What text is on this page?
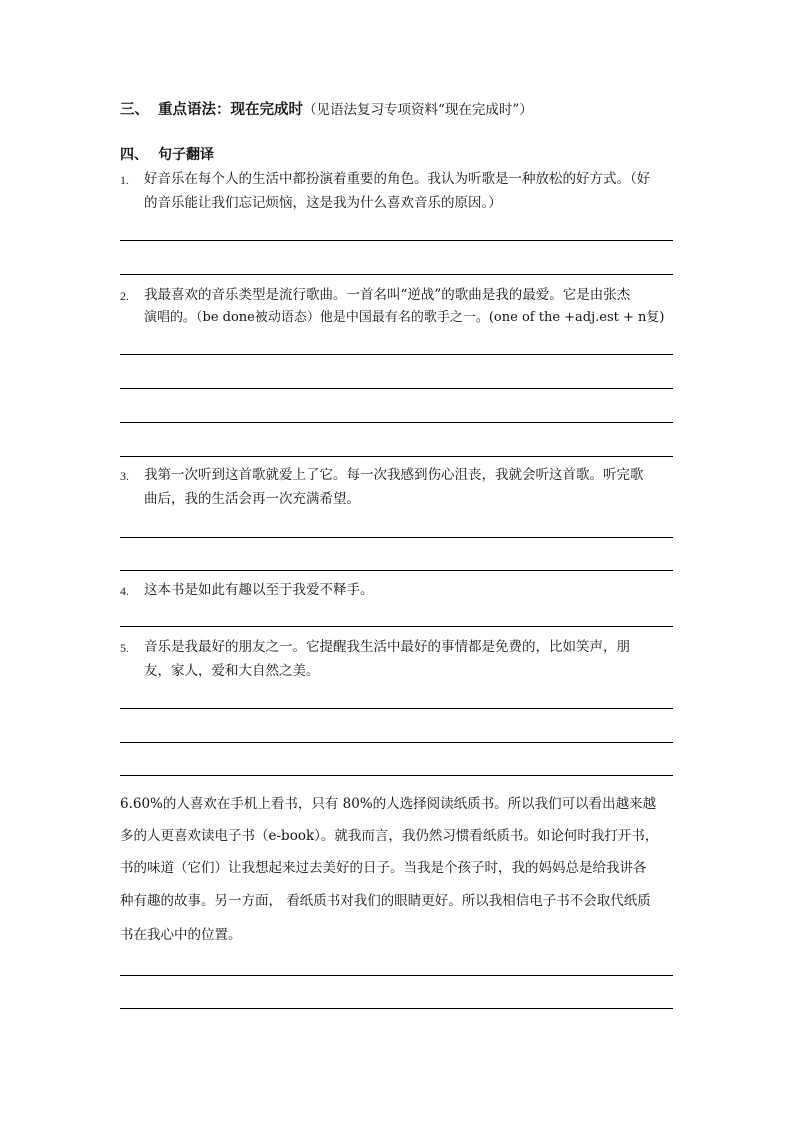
三、 重点语法：现在完成时（见语法复习专项资料“现在完成时”）
四、 句子翻译
1. 好音乐在每个人的生活中都扮演着重要的角色。我认为听歌是一种放松的好方式。（好
的音乐能让我们忘记烦恼，这是我为什么喜欢音乐的原因。）
2. 我最喜欢的音乐类型是流行歌曲。一首名叫“逆战”的歌曲是我的最爱。它是由张杰
演唱的。（be done被动语态）他是中国最有名的歌手之一。(one of the +adj.est + n复)
3. 我第一次听到这首歌就爱上了它。每一次我感到伤心沮丧，我就会听这首歌。听完歌
曲后，我的生活会再一次充满希望。
4. 这本书是如此有趣以至于我爱不释手。
5. 音乐是我最好的朋友之一。它提醒我生活中最好的事情都是免费的，比如笑声，朋
友，家人，爱和大自然之美。
6.60%的人喜欢在手机上看书，只有 80%的人选择阅读纸质书。所以我们可以看出越来越
多的人更喜欢读电子书（e-book）。就我而言，我仍然习惯看纸质书。如论何时我打开书，
书的味道（它们）让我想起来过去美好的日子。当我是个孩子时，我的妈妈总是给我讲各
种有趣的故事。另一方面， 看纸质书对我们的眼睛更好。所以我相信电子书不会取代纸质
书在我心中的位置。
